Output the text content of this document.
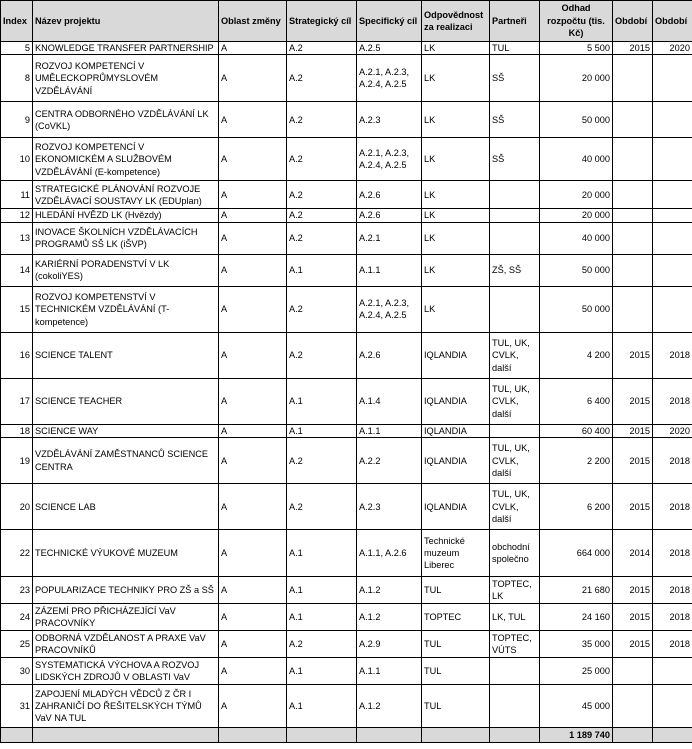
Index	Název projektu	Oblast změny	Strategický cíl	Specifický cíl	Odpovědnost za realizaci	Partneři	Odhad rozpočtu (tis. Kč)	Období	Období
5	KNOWLEDGE TRANSFER PARTNERSHIP	A	A.2	A.2.5	LK	TUL	5 500	2015	2020
8	ROZVOJ KOMPETENCÍ V UMĚLECKOPRŮMYSLOVÉM VZDĚLÁVÁNÍ	A	A.2	A.2.1, A.2.3, A.2.4, A.2.5	LK	SŠ	20 000		
9	CENTRA ODBORNÉHO VZDĚLÁVÁNÍ LK (CoVKL)	A	A.2	A.2.3	LK	SŠ	50 000		
10	ROZVOJ KOMPETENCÍ V EKONOMICKÉM A SLUŽBOVÉM VZDĚLÁVÁNÍ (E-kompetence)	A	A.2	A.2.1, A.2.3, A.2.4, A.2.5	LK	SŠ	40 000		
11	STRATEGICKÉ PLÁNOVÁNÍ ROZVOJE VZDĚLÁVACÍ SOUSTAVY LK (EDUplan)	A	A.2	A.2.6	LK		20 000		
12	HLEDÁNÍ HVĚZD LK (Hvězdy)	A	A.2	A.2.6	LK		20 000		
13	INOVACE ŠKOLNÍCH VZDĚLÁVACÍCH PROGRAMŮ SŠ LK (iŠVP)	A	A.2	A.2.1	LK		40 000		
14	KARIÉRNÍ PORADENSTVÍ V LK (cokoliYES)	A	A.1	A.1.1	LK	ZŠ, SŠ	50 000		
15	ROZVOJ KOMPETENSTVÍ V TECHNICKÉM VZDĚLÁVÁNÍ (T-kompetence)	A	A.2	A.2.1, A.2.3, A.2.4, A.2.5	LK		50 000		
16	SCIENCE TALENT	A	A.2	A.2.6	IQLANDIA	TUL, UK, CVLK, další	4 200	2015	2018
17	SCIENCE TEACHER	A	A.1	A.1.4	IQLANDIA	TUL, UK, CVLK, další	6 400	2015	2018
18	SCIENCE WAY	A	A.1	A.1.1	IQLANDIA		60 400	2015	2020
19	VZDĚLÁVÁNÍ ZAMĚSTNANCŮ SCIENCE CENTRA	A	A.2	A.2.2	IQLANDIA	TUL, UK, CVLK, další	2 200	2015	2018
20	SCIENCE LAB	A	A.2	A.2.3	IQLANDIA	TUL, UK, CVLK, další	6 200	2015	2018
22	TECHNICKÉ VÝUKOVÉ MUZEUM	A	A.1	A.1.1, A.2.6	Technické muzeum Liberec	obchodní společno	664 000	2014	2018
23	POPULARIZACE TECHNIKY PRO ZŠ a SŠ	A	A.1	A.1.2	TUL	TOPTEC, LK	21 680	2015	2018
24	ZÁZEMÍ PRO PŘICHÁZEJÍCÍ VaV PRACOVNÍKY	A	A.1	A.1.2	TOPTEC	LK, TUL	24 160	2015	2018
25	ODBORNÁ VZDĚLANOST A PRAXE VaV PRACOVNÍKŮ	A	A.2	A.2.9	TUL	TOPTEC, VÚTS	35 000	2015	2018
30	SYSTEMATICKÁ VÝCHOVA A ROZVOJ LIDSKÝCH ZDROJŮ V OBLASTI VaV	A	A.1	A.1.1	TUL		25 000		
31	ZAPOJENÍ MLADÝCH VĚDCŮ Z ČR I ZAHRANIČÍ DO ŘEŠITELSKÝCH TÝMŮ VaV NA TUL	A	A.1	A.1.2	TUL		45 000		
							1 189 740		
